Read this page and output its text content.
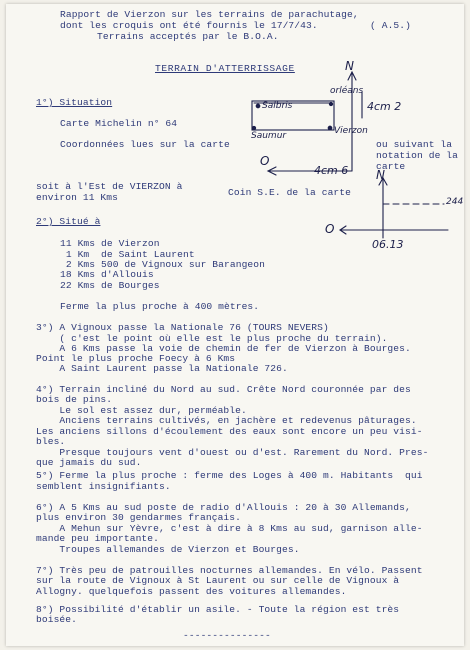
Rapport de Vierzon sur les terrains de parachutage,
dont les croquis ont été fournis le 17/7/43.	( A.5.)
Terrains acceptés par le B.O.A.
TERRAIN D'ATTERRISSAGE
1°) Situation
Carte Michelin n° 64
Coordonnées lues sur la carte	ou suivant la
notation de la
carte
soit à l'Est de VIERZON à
environ 11 Kms	Coin S.E. de la carte
orléans
Salbris
Saumur	Vierzon
N
4cm 2
4cm 6
O
N
O
244
06.13
2°) Situé à
11 Kms de Vierzon
1 Km  de Saint Laurent
2 Kms 500 de Vignoux sur Barangeon
18 Kms d'Allouis
22 Kms de Bourges
Ferme la plus proche à 400 mètres.
3°) A Vignoux passe la Nationale 76 (TOURS NEVERS)
( c'est le point où elle est le plus proche du terrain).
A 6 Kms passe la voie de chemin de fer de Vierzon à Bourges.
Point le plus proche Foecy à 6 Kms
A Saint Laurent passe la Nationale 726.
4°) Terrain incliné du Nord au sud. Crête Nord couronnée par des
bois de pins.
Le sol est assez dur, perméable.
Anciens terrains cultivés, en jachère et redevenus pâturages.
Les anciens sillons d'écoulement des eaux sont encore un peu visi-
bles.
Presque toujours vent d'ouest ou d'est. Rarement du Nord. Pres-
que jamais du sud.
5°) Ferme la plus proche : ferme des Loges à 400 m. Habitants  qui
semblent insignifiants.
6°) A 5 Kms au sud poste de radio d'Allouis : 20 à 30 Allemands,
plus environ 30 gendarmes français.
A Mehun sur Yèvre, c'est à dire à 8 Kms au sud, garnison alle-
mande peu importante.
Troupes allemandes de Vierzon et Bourges.
7°) Très peu de patrouilles nocturnes allemandes. En vélo. Passent
sur la route de Vignoux à St Laurent ou sur celle de Vignoux à
Allogny. quelquefois passent des voitures allemandes.
8°) Possibilité d'établir un asile. - Toute la région est très
boisée.
---------------
